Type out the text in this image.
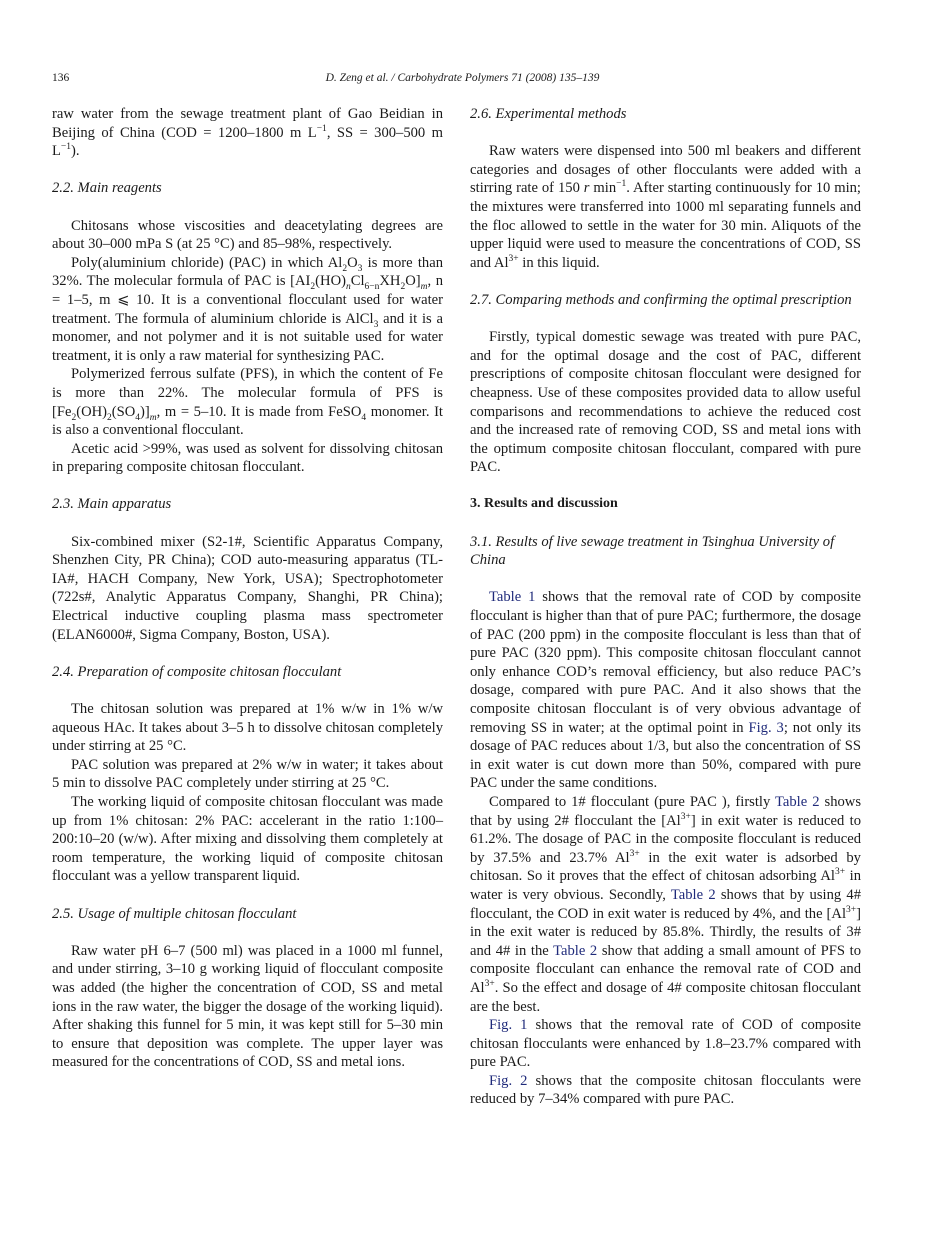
136	D. Zeng et al. / Carbohydrate Polymers 71 (2008) 135–139

raw water from the sewage treatment plant of Gao Beidian in Beijing of China (COD = 1200–1800 m $L^{-1}$, SS = 300–500 m $L^{-1}$).

2.2. Main reagents

Chitosans whose viscosities and deacetylating degrees are about 30–000 mPa S (at 25 °C) and 85–98%, respectively.

Poly(aluminium chloride) (PAC) in which $Al_2O_3$ is more than 32%. The molecular formula of PAC is $[AI_2(HO)_nCl_{6-n}XH_2O]_m$, n = 1–5, m ⩽ 10. It is a conventional flocculant used for water treatment. The formula of aluminium chloride is AlCl$_3$ and it is a monomer, and not polymer and it is not suitable used for water treatment, it is only a raw material for synthesizing PAC.

Polymerized ferrous sulfate (PFS), in which the content of Fe is more than 22%. The molecular formula of PFS is $[Fe_2(OH)_2(SO_4)]_m$, m = 5–10. It is made from FeSO$_4$ monomer. It is also a conventional flocculant.

Acetic acid >99%, was used as solvent for dissolving chitosan in preparing composite chitosan flocculant.

2.3. Main apparatus

Six-combined mixer (S2-1#, Scientific Apparatus Company, Shenzhen City, PR China); COD auto-measuring apparatus (TL-IA#, HACH Company, New York, USA); Spectrophotometer (722s#, Analytic Apparatus Company, Shanghi, PR China); Electrical inductive coupling plasma mass spectrometer (ELAN6000#, Sigma Company, Boston, USA).

2.4. Preparation of composite chitosan flocculant

The chitosan solution was prepared at 1% w/w in 1% w/w aqueous HAc. It takes about 3–5 h to dissolve chitosan completely under stirring at 25 °C.

PAC solution was prepared at 2% w/w in water; it takes about 5 min to dissolve PAC completely under stirring at 25 °C.

The working liquid of composite chitosan flocculant was made up from 1% chitosan: 2% PAC: accelerant in the ratio 1:100–200:10–20 (w/w). After mixing and dissolving them completely at room temperature, the working liquid of composite chitosan flocculant was a yellow transparent liquid.

2.5. Usage of multiple chitosan flocculant

Raw water pH 6–7 (500 ml) was placed in a 1000 ml funnel, and under stirring, 3–10 g working liquid of flocculant composite was added (the higher the concentration of COD, SS and metal ions in the raw water, the bigger the dosage of the working liquid). After shaking this funnel for 5 min, it was kept still for 5–30 min to ensure that deposition was complete. The upper layer was measured for the concentrations of COD, SS and metal ions.

2.6. Experimental methods

Raw waters were dispensed into 500 ml beakers and different categories and dosages of other flocculants were added with a stirring rate of 150 r $\min^{-1}$. After starting continuously for 10 min; the mixtures were transferred into 1000 ml separating funnels and the floc allowed to settle in the water for 30 min. Aliquots of the upper liquid were used to measure the concentrations of COD, SS and $Al^{3+}$ in this liquid.

2.7. Comparing methods and confirming the optimal prescription

Firstly, typical domestic sewage was treated with pure PAC, and for the optimal dosage and the cost of PAC, different prescriptions of composite chitosan flocculant were designed for cheapness. Use of these composites provided data to allow useful comparisons and recommendations to achieve the reduced cost and the increased rate of removing COD, SS and metal ions with the optimum composite chitosan flocculant, compared with pure PAC.

3. Results and discussion
3.1. Results of live sewage treatment in Tsinghua University of China

Table 1 shows that the removal rate of COD by composite flocculant is higher than that of pure PAC; furthermore, the dosage of PAC (200 ppm) in the composite flocculant is less than that of pure PAC (320 ppm). This composite chitosan flocculant cannot only enhance COD’s removal efficiency, but also reduce PAC’s dosage, compared with pure PAC. And it also shows that the composite chitosan flocculant is of very obvious advantage of removing SS in water; at the optimal point in Fig. 3; not only its dosage of PAC reduces about 1/3, but also the concentration of SS in exit water is cut down more than 50%, compared with pure PAC under the same conditions.

Compared to 1# flocculant (pure PAC ), firstly Table 2 shows that by using 2# flocculant the $[Al^{3+}]$ in exit water is reduced to 61.2%. The dosage of PAC in the composite flocculant is reduced by 37.5% and 23.7% $Al^{3+}$ in the exit water is adsorbed by chitosan. So it proves that the effect of chitosan adsorbing $Al^{3+}$ in water is very obvious. Secondly, Table 2 shows that by using 4# flocculant, the COD in exit water is reduced by 4%, and the $[Al^{3+}]$ in the exit water is reduced by 85.8%. Thirdly, the results of 3# and 4# in the Table 2 show that adding a small amount of PFS to composite flocculant can enhance the removal rate of COD and $Al^{3+}$. So the effect and dosage of 4# composite chitosan flocculant are the best.

Fig. 1 shows that the removal rate of COD of composite chitosan flocculants were enhanced by 1.8–23.7% compared with pure PAC.

Fig. 2 shows that the composite chitosan flocculants were reduced by 7–34% compared with pure PAC.
